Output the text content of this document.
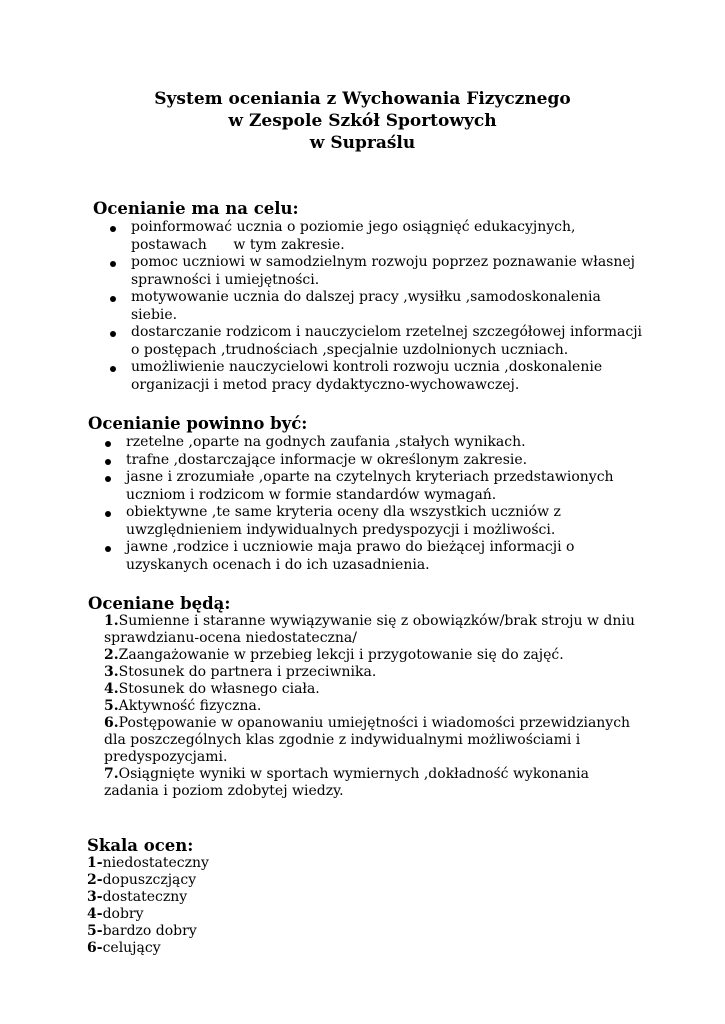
System oceniania z Wychowania Fizycznego
w Zespole Szkół Sportowych
w Supraślu
Ocenianie ma na celu:
poinformować ucznia o poziomie jego osiągnięć edukacyjnych, postawach      w tym zakresie.
pomoc uczniowi w samodzielnym rozwoju poprzez poznawanie własnej sprawności i umiejętności.
motywowanie ucznia do dalszej pracy ,wysiłku ,samodoskonalenia siebie.
dostarczanie rodzicom i nauczycielom rzetelnej szczegółowej informacji o postępach ,trudnościach ,specjalnie uzdolnionych uczniach.
umożliwienie nauczycielowi kontroli rozwoju ucznia ,doskonalenie organizacji i metod pracy dydaktyczno-wychowawczej.
Ocenianie powinno być:
rzetelne ,oparte na godnych zaufania ,stałych wynikach.
trafne ,dostarczające informacje w określonym zakresie.
jasne i zrozumiałe ,oparte na czytelnych kryteriach przedstawionych uczniom i rodzicom w formie standardów wymagań.
obiektywne ,te same kryteria oceny dla wszystkich uczniów z uwzględnieniem indywidualnych predyspozycji i możliwości.
jawne ,rodzice i uczniowie maja prawo do bieżącej informacji o uzyskanych ocenach i do ich uzasadnienia.
Oceniane będą:
1.Sumienne i staranne wywiązywanie się z obowiązków/brak stroju w dniu sprawdzianu-ocena niedostateczna/
2.Zaangażowanie w przebieg lekcji i przygotowanie się do zajęć.
3.Stosunek do partnera i przeciwnika.
4.Stosunek do własnego ciała.
5.Aktywność fizyczna.
6.Postępowanie w opanowaniu umiejętności i wiadomości przewidzianych dla poszczególnych klas zgodnie z indywidualnymi możliwościami i predyspozycjami.
7.Osiągnięte wyniki w sportach wymiernych ,dokładność wykonania zadania i poziom zdobytej wiedzy.
Skala ocen:
1-niedostateczny
2-dopuszczjący
3-dostateczny
4-dobry
5-bardzo dobry
6-celujący
